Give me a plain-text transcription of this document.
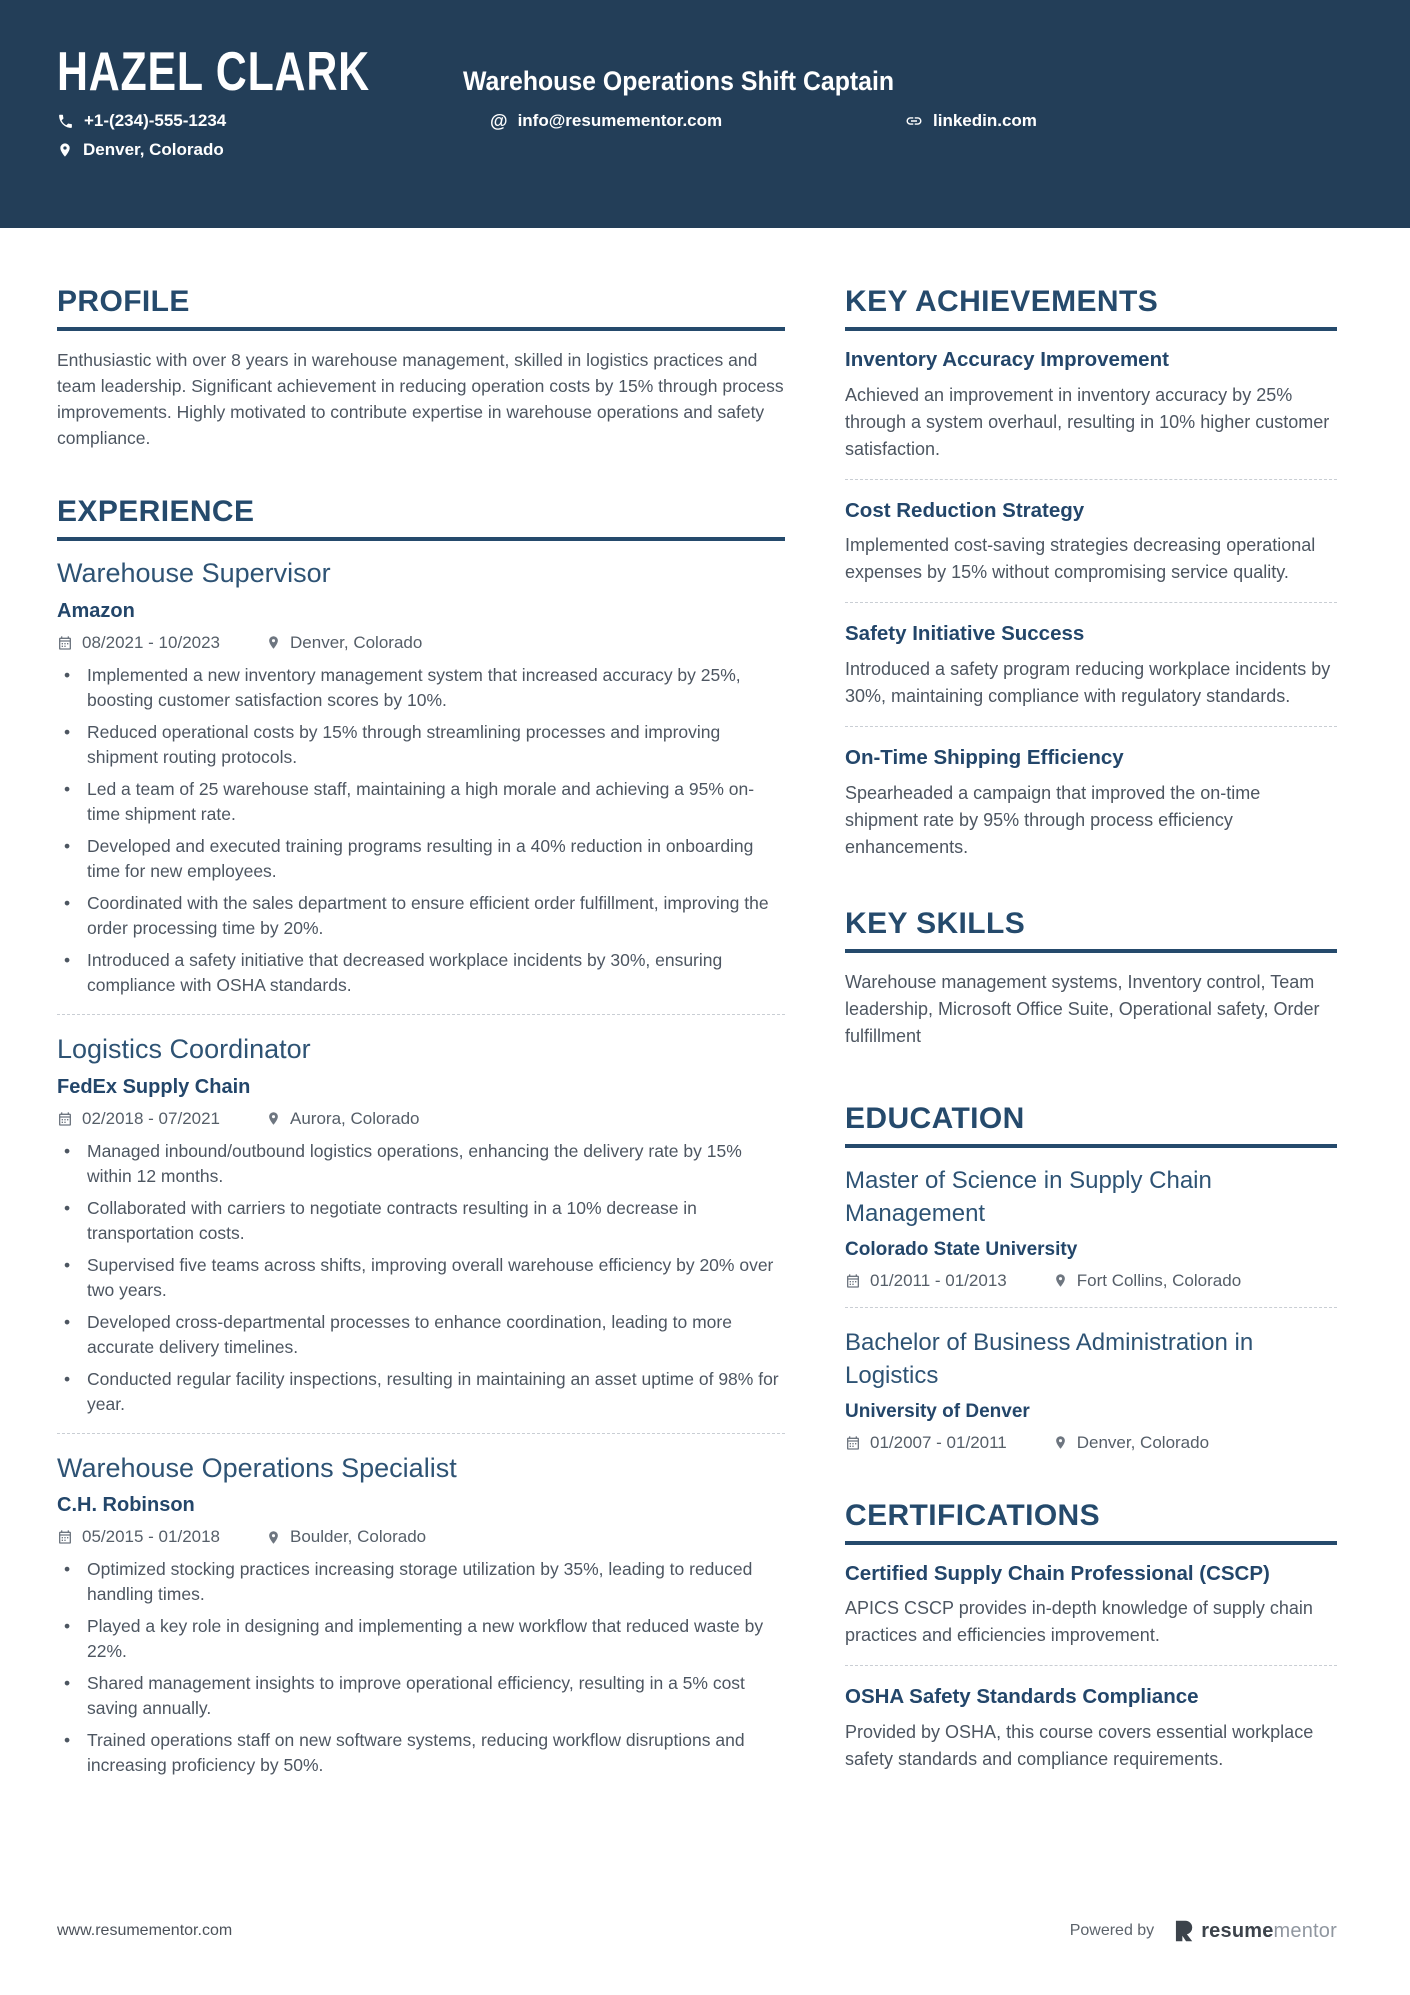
HAZEL CLARK	Warehouse Operations Shift Captain
+1-(234)-555-1234	@ info@resumementor.com	linkedin.com
Denver, Colorado
PROFILE

Enthusiastic with over 8 years in warehouse management, skilled in logistics practices and team leadership. Significant achievement in reducing operation costs by 15% through process improvements. Highly motivated to contribute expertise in warehouse operations and safety compliance.

EXPERIENCE
Warehouse Supervisor
Amazon
08/2021 - 10/2023	Denver, Colorado
• Implemented a new inventory management system that increased accuracy by 25%, boosting customer satisfaction scores by 10%.
• Reduced operational costs by 15% through streamlining processes and improving shipment routing protocols.
• Led a team of 25 warehouse staff, maintaining a high morale and achieving a 95% on-time shipment rate.
• Developed and executed training programs resulting in a 40% reduction in onboarding time for new employees.
• Coordinated with the sales department to ensure efficient order fulfillment, improving the order processing time by 20%.
• Introduced a safety initiative that decreased workplace incidents by 30%, ensuring compliance with OSHA standards.
Logistics Coordinator
FedEx Supply Chain
02/2018 - 07/2021	Aurora, Colorado
• Managed inbound/outbound logistics operations, enhancing the delivery rate by 15% within 12 months.
• Collaborated with carriers to negotiate contracts resulting in a 10% decrease in transportation costs.
• Supervised five teams across shifts, improving overall warehouse efficiency by 20% over two years.
• Developed cross-departmental processes to enhance coordination, leading to more accurate delivery timelines.
• Conducted regular facility inspections, resulting in maintaining an asset uptime of 98% for year.
Warehouse Operations Specialist
C.H. Robinson
05/2015 - 01/2018	Boulder, Colorado
• Optimized stocking practices increasing storage utilization by 35%, leading to reduced handling times.
• Played a key role in designing and implementing a new workflow that reduced waste by 22%.
• Shared management insights to improve operational efficiency, resulting in a 5% cost saving annually.
• Trained operations staff on new software systems, reducing workflow disruptions and increasing proficiency by 50%.
KEY ACHIEVEMENTS
Inventory Accuracy Improvement

Achieved an improvement in inventory accuracy by 25% through a system overhaul, resulting in 10% higher customer satisfaction.

Cost Reduction Strategy

Implemented cost-saving strategies decreasing operational expenses by 15% without compromising service quality.

Safety Initiative Success

Introduced a safety program reducing workplace incidents by 30%, maintaining compliance with regulatory standards.

On-Time Shipping Efficiency

Spearheaded a campaign that improved the on-time shipment rate by 95% through process efficiency enhancements.

KEY SKILLS

Warehouse management systems, Inventory control, Team leadership, Microsoft Office Suite, Operational safety, Order fulfillment

EDUCATION
Master of Science in Supply Chain Management
Colorado State University
01/2011 - 01/2013	Fort Collins, Colorado
Bachelor of Business Administration in Logistics
University of Denver
01/2007 - 01/2011	Denver, Colorado
CERTIFICATIONS
Certified Supply Chain Professional (CSCP)

APICS CSCP provides in-depth knowledge of supply chain practices and efficiencies improvement.

OSHA Safety Standards Compliance

Provided by OSHA, this course covers essential workplace safety standards and compliance requirements.

www.resumementor.com	Powered by resumementor
